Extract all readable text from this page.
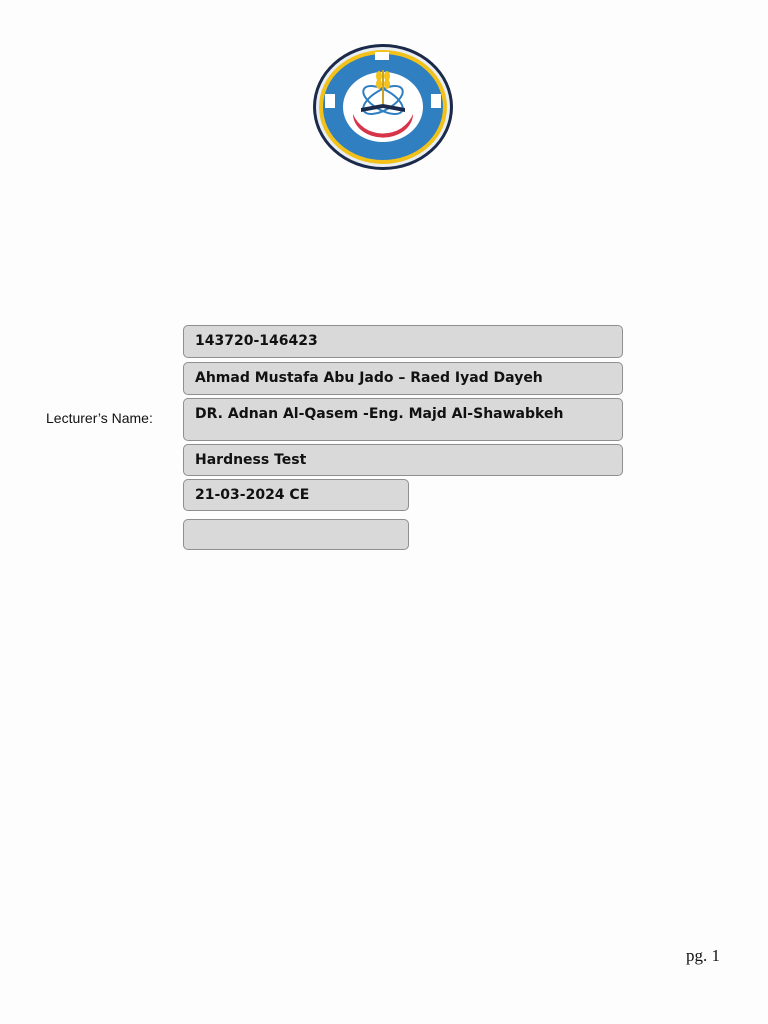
143720-146423
Ahmad Mustafa Abu Jado – Raed Iyad Dayeh
Lecturer’s Name:	DR. Adnan Al-Qasem -Eng. Majd Al-Shawabkeh
Hardness Test
21-03-2024 CE
pg. 1
